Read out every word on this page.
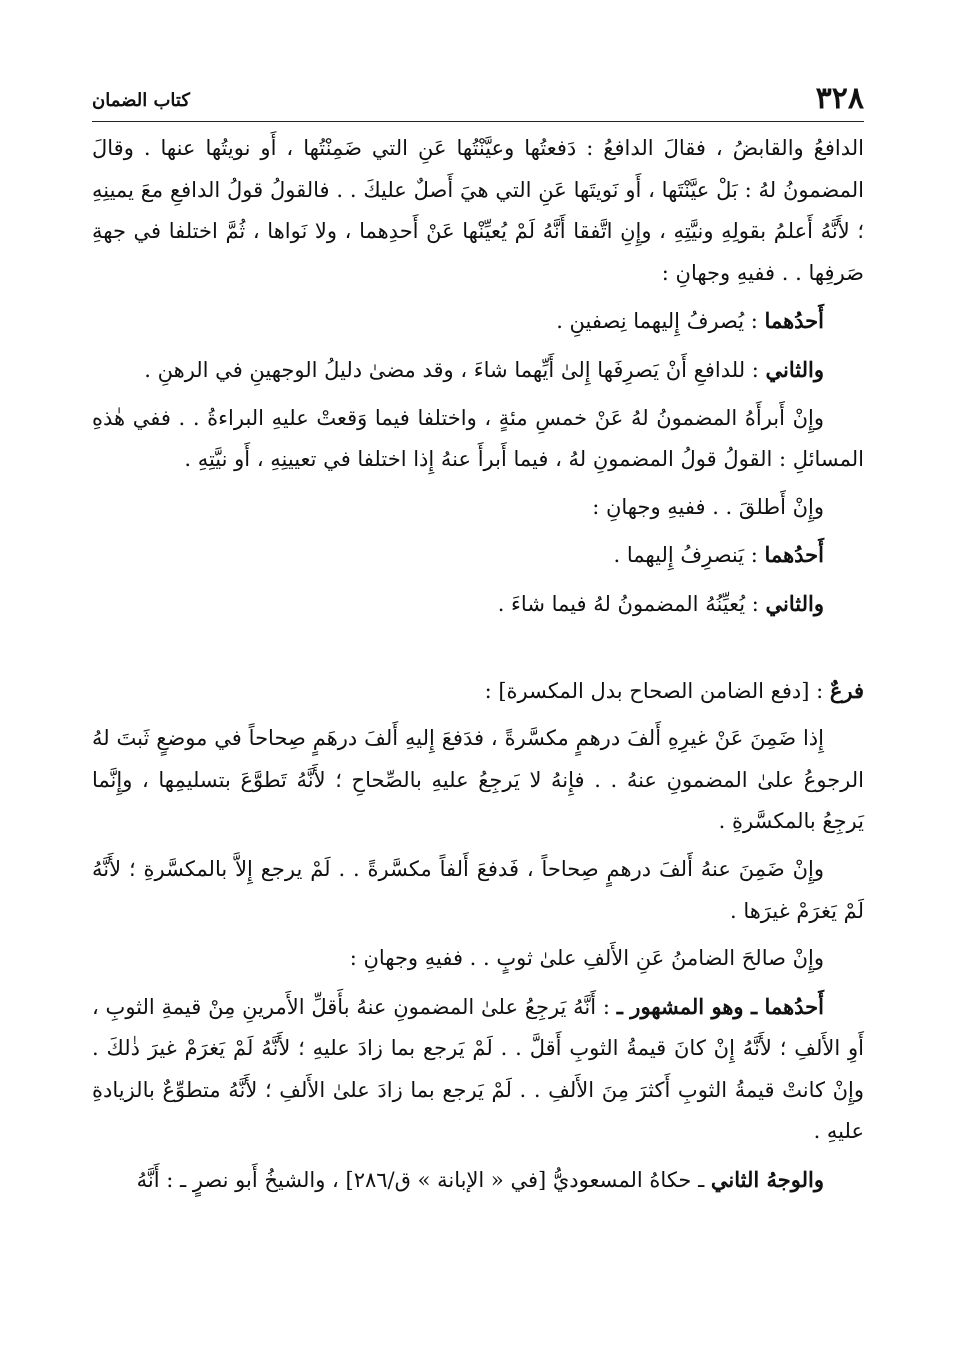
٣٢٨
كتاب الضمان

الدافعُ والقابضُ ، فقالَ الدافعُ : دَفعتُها وعيَّنْتُها عَنِ التي ضَمِنْتُها ، أَو نويتُها عنها . وقالَ المضمونُ لهُ : بَلْ عيَّنْتَها ، أَو نَويتَها عَنِ التي هيَ أَصلٌ عليكَ . . فالقولُ قولُ الدافعِ معَ يمينِهِ ؛ لأَنَّهُ أَعلمُ بقولِهِ ونيَّتِهِ ، وإِنِ اتَّفقا أَنَّهُ لَمْ يُعيِّنْها عَنْ أَحدِهما ، ولا نَواها ، ثُمَّ اختلفا في جهةِ صَرفِها . . ففيهِ وجهانِ :

أَحدُهما : يُصرفُ إِليهما نِصفينِ .

والثاني : للدافعِ أَنْ يَصرِفَها إِلىٰ أَيِّهما شاءَ ، وقد مضىٰ دليلُ الوجهينِ في الرهنِ .

وإِنْ أَبرأَهُ المضمونُ لهُ عَنْ خمسِ مئةٍ ، واختلفا فيما وَقعتْ عليهِ البراءةُ . . ففي هٰذهِ المسائلِ : القولُ قولُ المضمونِ لهُ ، فيما أَبرأَ عنهُ إِذا اختلفا في تعيينِهِ ، أَو نيَّتِهِ .

وإِنْ أَطلقَ . . ففيهِ وجهانِ :

أَحدُهما : يَنصرِفُ إِليهما .

والثاني : يُعيِّنُهُ المضمونُ لهُ فيما شاءَ .

فرعٌ : [دفع الضامن الصحاح بدل المكسرة] :

إِذا ضَمِنَ عَنْ غيرِهِ أَلفَ درهمٍ مكسَّرةً ، فدَفعَ إِليهِ أَلفَ درهَمٍ صِحاحاً في موضعٍ ثَبتَ لهُ الرجوعُ علىٰ المضمونِ عنهُ . . فإِنهُ لا يَرجِعُ عليهِ بالصِّحاحِ ؛ لأَنَّهُ تَطوَّعَ بتسليمِها ، وإِنَّما يَرجِعُ بالمكسَّرةِ .

وإِنْ ضَمِنَ عنهُ أَلفَ درهمٍ صِحاحاً ، فَدفعَ أَلفاً مكسَّرةً . . لَمْ يرجع إِلاَّ بالمكسَّرةِ ؛ لأَنَّهُ لَمْ يَغرَمْ غيرَها .

وإِنْ صالحَ الضامنُ عَنِ الأَلفِ علىٰ ثوبٍ . . ففيهِ وجهانِ :

أَحدُهما ـ وهو المشهور ـ : أَنَّهُ يَرجِعُ علىٰ المضمونِ عنهُ بأَقلِّ الأَمرينِ مِنْ قيمةِ الثوبِ ، أَوِ الأَلفِ ؛ لأَنَّهُ إِنْ كانَ قيمةُ الثوبِ أَقلَّ . . لَمْ يَرجع بما زادَ عليهِ ؛ لأَنَّهُ لَمْ يَغرَمْ غيرَ ذٰلكَ . وإِنْ كانتْ قيمةُ الثوبِ أَكثرَ مِنَ الأَلفِ . . لَمْ يَرجع بما زادَ علىٰ الأَلفِ ؛ لأَنَّهُ متطوِّعٌ بالزيادةِ عليهِ .

والوجهُ الثاني ـ حكاهُ المسعوديُّ [في « الإبانة » ق/٢٨٦] ، والشيخُ أَبو نصرٍ ـ : أَنَّهُ
